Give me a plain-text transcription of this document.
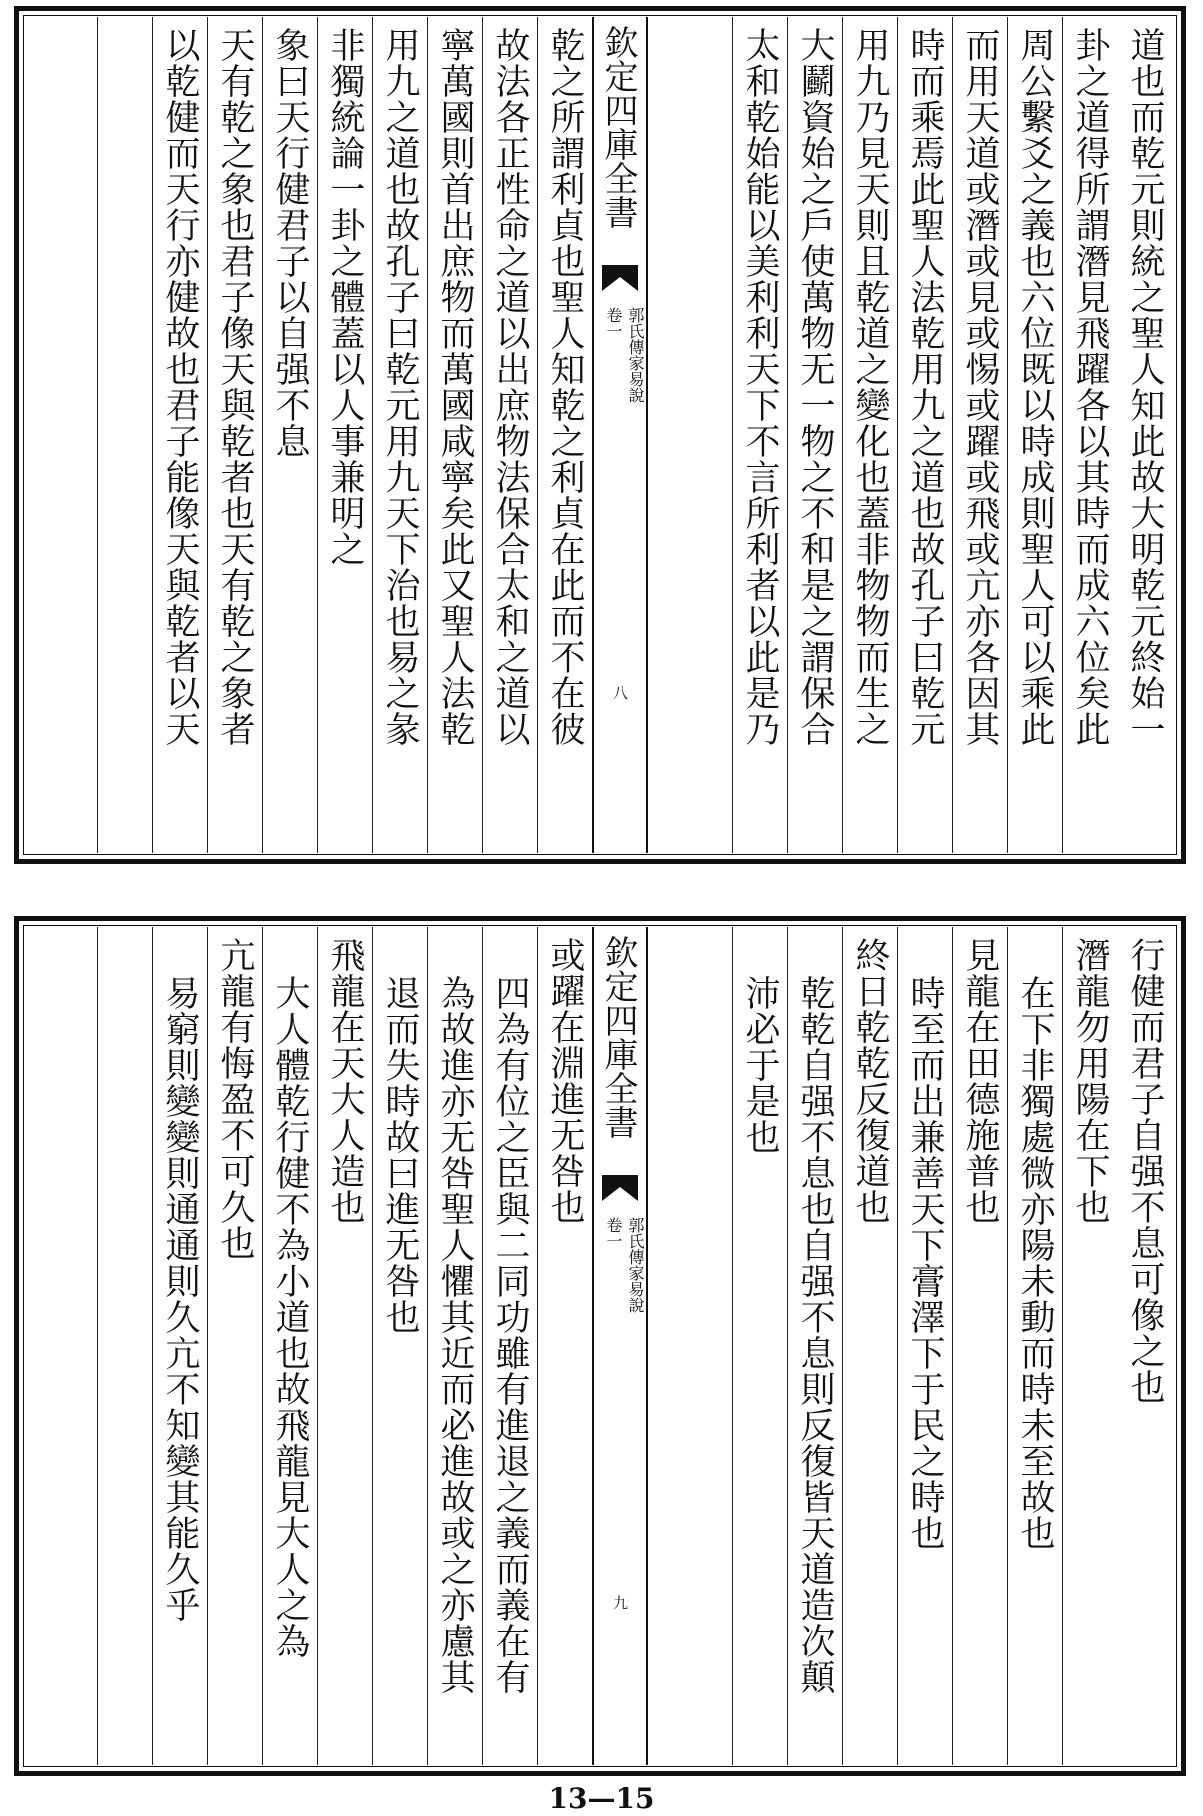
道也而乾元則統之聖人知此故大明乾元終始一
卦之道得所謂潛見飛躍各以其時而成六位矣此
周公繫爻之義也六位既以時成則聖人可以乘此
而用天道或潛或見或惕或躍或飛或亢亦各因其
時而乘焉此聖人法乾用九之道也故孔子曰乾元
用九乃見天則且乾道之變化也蓋非物物而生之
大鬬資始之戶使萬物无一物之不和是之謂保合
太和乾始能以美利利天下不言所利者以此是乃
欽定四庫全書
郭氏傳家易說
卷一
八
乾之所謂利貞也聖人知乾之利貞在此而不在彼
故法各正性命之道以出庶物法保合太和之道以
寧萬國則首出庶物而萬國咸寧矣此又聖人法乾
用九之道也故孔子曰乾元用九天下治也易之彖
非獨統論一卦之體蓋以人事兼明之
象曰天行健君子以自强不息
天有乾之象也君子像天與乾者也天有乾之象者
以乾健而天行亦健故也君子能像天與乾者以天
行健而君子自强不息可像之也
潛龍勿用陽在下也
在下非獨處微亦陽未動而時未至故也
見龍在田德施普也
時至而出兼善天下膏澤下于民之時也
終日乾乾反復道也
乾乾自强不息也自强不息則反復皆天道造次顛
沛必于是也
欽定四庫全書
郭氏傳家易說
卷一
九
或躍在淵進无咎也
四為有位之臣與二同功雖有進退之義而義在有
為故進亦无咎聖人懼其近而必進故或之亦慮其
退而失時故曰進无咎也
飛龍在天大人造也
大人體乾行健不為小道也故飛龍見大人之為
亢龍有悔盈不可久也
易窮則變變則通通則久亢不知變其能久乎
13—15
